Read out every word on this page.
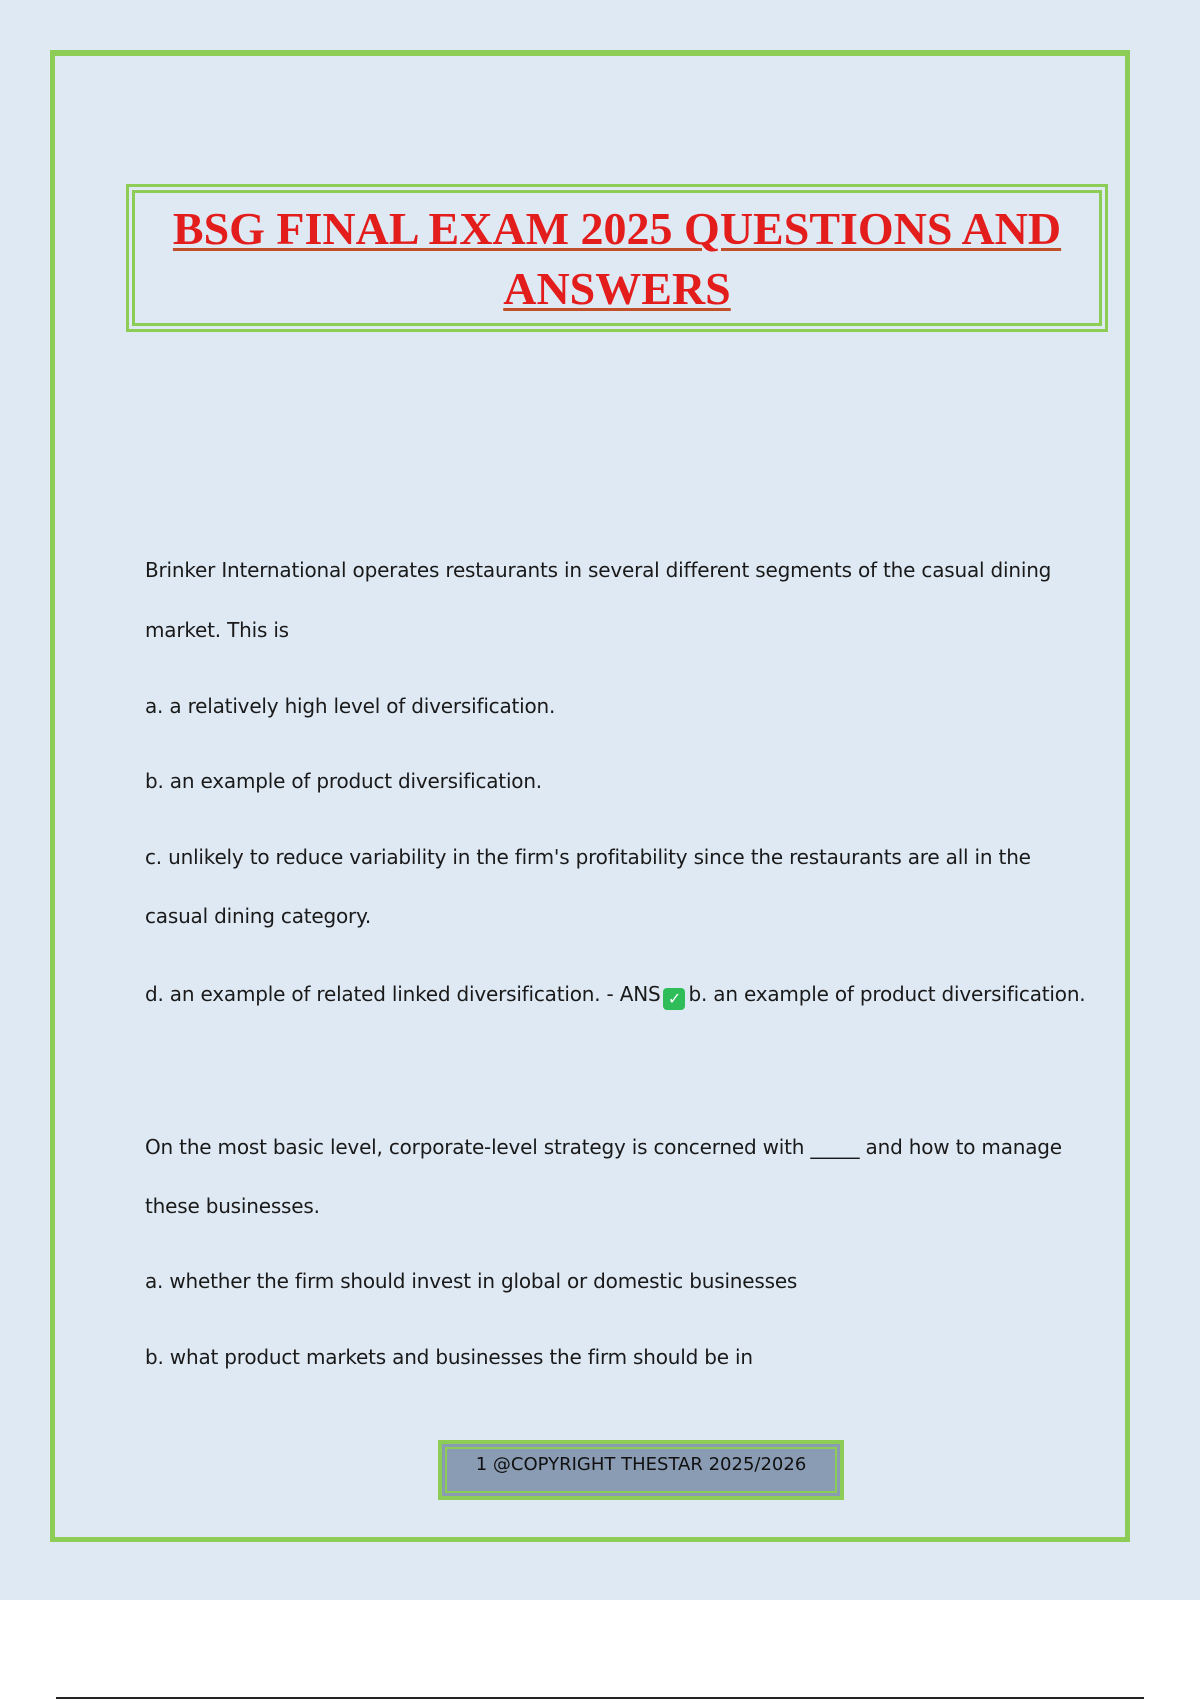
BSG FINAL EXAM 2025 QUESTIONS AND ANSWERS
Brinker International operates restaurants in several different segments of the casual dining
market. This is
a. a relatively high level of diversification.
b. an example of product diversification.
c. unlikely to reduce variability in the firm's profitability since the restaurants are all in the
casual dining category.
d. an example of related linked diversification. - ANS ✓ b. an example of product diversification.
On the most basic level, corporate-level strategy is concerned with _____ and how to manage
these businesses.
a. whether the firm should invest in global or domestic businesses
b. what product markets and businesses the firm should be in
1 @COPYRIGHT THESTAR 2025/2026
